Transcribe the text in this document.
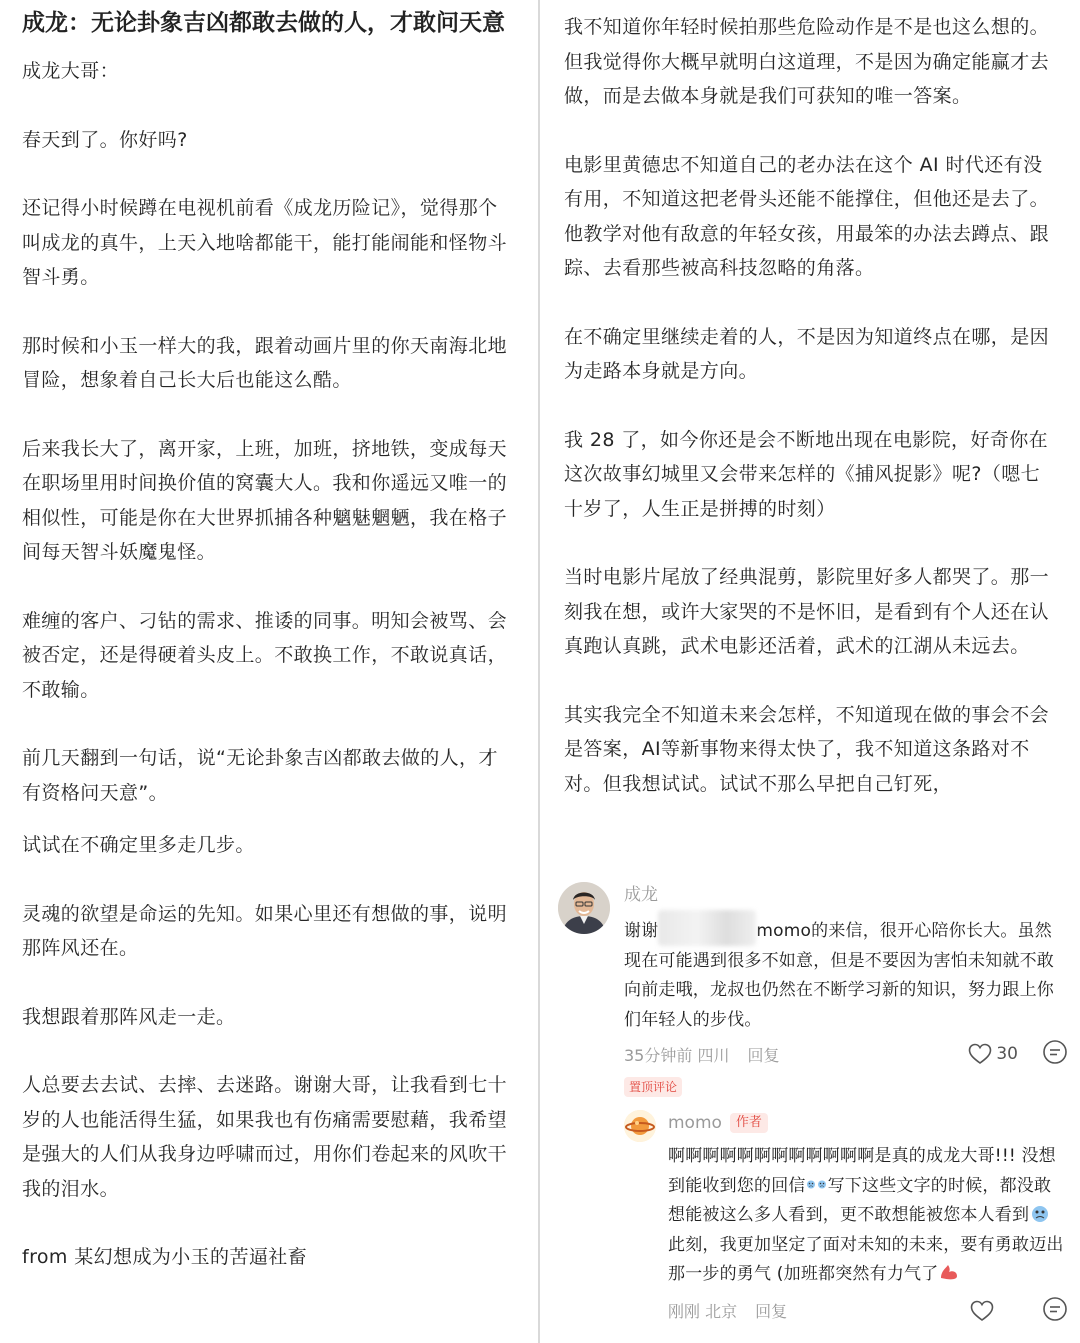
成龙：无论卦象吉凶都敢去做的人，才敢问天意
成龙大哥：
春天到了。你好吗?
还记得小时候蹲在电视机前看《成龙历险记》，觉得那个叫成龙的真牛，上天入地啥都能干，能打能闹能和怪物斗智斗勇。
那时候和小玉一样大的我，跟着动画片里的你天南海北地冒险，想象着自己长大后也能这么酷。
后来我长大了，离开家，上班，加班，挤地铁，变成每天在职场里用时间换价值的窝囊大人。我和你遥远又唯一的相似性，可能是你在大世界抓捕各种魑魅魍魉，我在格子间每天智斗妖魔鬼怪。
难缠的客户、刁钻的需求、推诿的同事。明知会被骂、会被否定，还是得硬着头皮上。不敢换工作，不敢说真话，不敢输。
前几天翻到一句话，说“无论卦象吉凶都敢去做的人，才有资格问天意”。
试试在不确定里多走几步。
灵魂的欲望是命运的先知。如果心里还有想做的事，说明那阵风还在。
我想跟着那阵风走一走。
人总要去去试、去摔、去迷路。谢谢大哥，让我看到七十岁的人也能活得生猛，如果我也有伤痛需要慰藉，我希望是强大的人们从我身边呼啸而过，用你们卷起来的风吹干我的泪水。
from 某幻想成为小玉的苦逼社畜
我不知道你年轻时候拍那些危险动作是不是也这么想的。但我觉得你大概早就明白这道理，不是因为确定能赢才去做，而是去做本身就是我们可获知的唯一答案。
电影里黄德忠不知道自己的老办法在这个 AI 时代还有没有用，不知道这把老骨头还能不能撑住，但他还是去了。他教学对他有敌意的年轻女孩，用最笨的办法去蹲点、跟踪、去看那些被高科技忽略的角落。
在不确定里继续走着的人，不是因为知道终点在哪，是因为走路本身就是方向。
我 28 了，如今你还是会不断地出现在电影院，好奇你在这次故事幻城里又会带来怎样的《捕风捉影》呢?（嗯七十岁了，人生正是拼搏的时刻）
当时电影片尾放了经典混剪，影院里好多人都哭了。那一刻我在想，或许大家哭的不是怀旧，是看到有个人还在认真跑认真跳，武术电影还活着，武术的江湖从未远去。
其实我完全不知道未来会怎样，不知道现在做的事会不会是答案，AI等新事物来得太快了，我不知道这条路对不对。但我想试试。试试不那么早把自己钉死，
成龙
谢谢	momo的来信，很开心陪你长大。虽然现在可能遇到很多不如意，但是不要因为害怕未知就不敢向前走哦，龙叔也仍然在不断学习新的知识，努力跟上你们年轻人的步伐。
35分钟前 四川 回复	30
置顶评论
momo 作者
啊啊啊啊啊啊啊啊啊啊啊啊是真的成龙大哥!!! 没想到能收到您的回信 写下这些文字的时候，都没敢想能被这么多人看到，更不敢想能被您本人看到此刻，我更加坚定了面对未知的未来，要有勇敢迈出那一步的勇气 (加班都突然有力气了
刚刚 北京 回复
